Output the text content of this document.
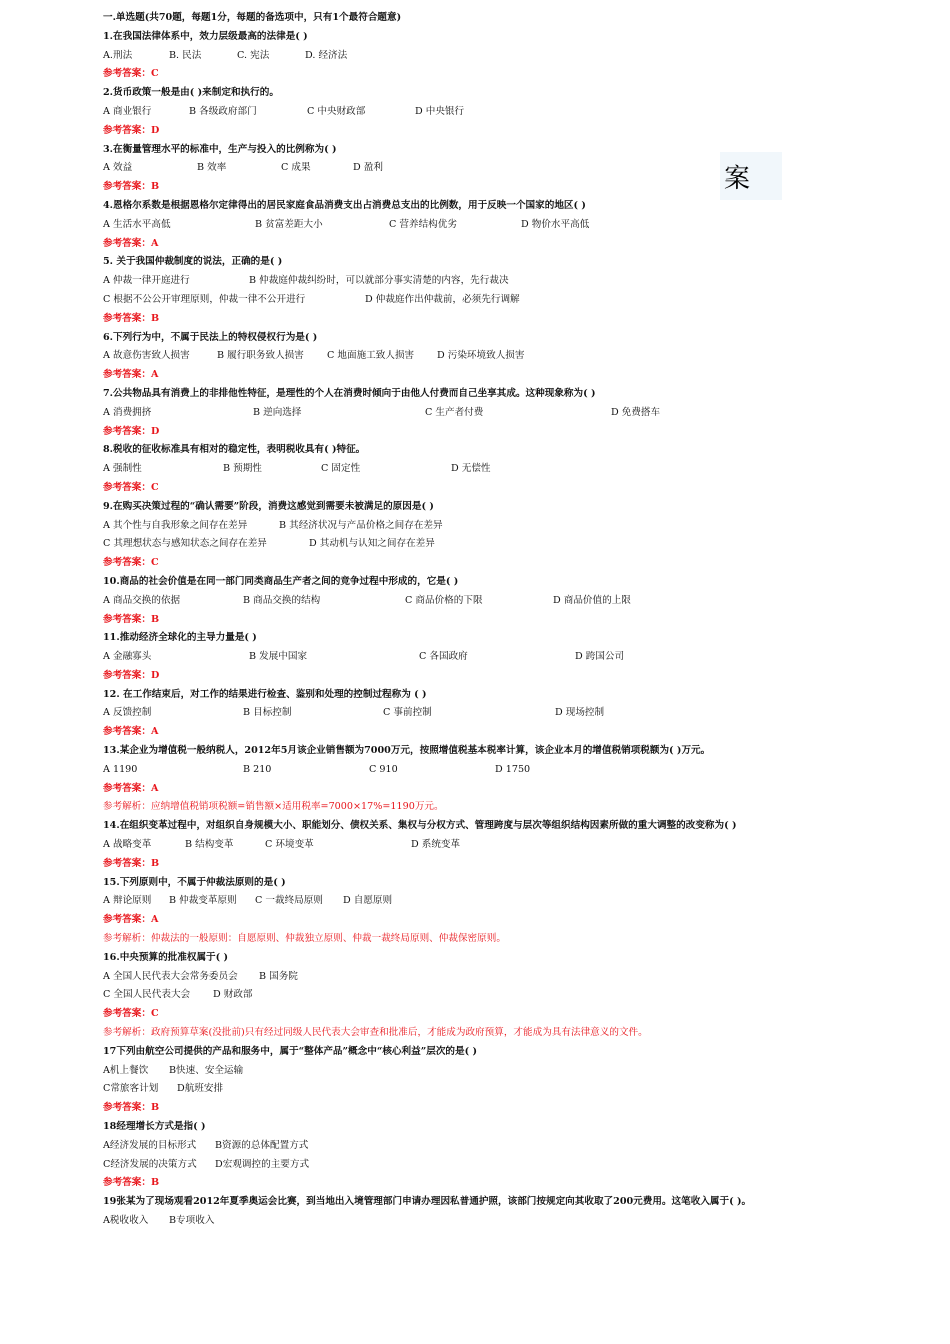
一.单选题(共70题，每题1分，每题的备选项中，只有1个最符合题意)
1.在我国法律体系中，效力层级最高的法律是( )
A.刑法	B. 民法	C. 宪法	D. 经济法
参考答案：C
2.货币政策一般是由( )来制定和执行的。
A 商业银行	B 各级政府部门	C 中央财政部	D 中央银行
参考答案：D
3.在衡量管理水平的标准中，生产与投入的比例称为( )
A 效益	B 效率	C 成果	D 盈利
参考答案：B
4.恩格尔系数是根据恩格尔定律得出的居民家庭食品消费支出占消费总支出的比例数，用于反映一个国家的地区( )
A 生活水平高低	B 贫富差距大小	C 营养结构优劣	D 物价水平高低
参考答案：A
5. 关于我国仲裁制度的说法，正确的是( )
A 仲裁一律开庭进行	B 仲裁庭仲裁纠纷时，可以就部分事实清楚的内容，先行裁决
C 根据不公公开审理原则，仲裁一律不公开进行	D 仲裁庭作出仲裁前，必须先行调解
参考答案：B
6.下列行为中，不属于民法上的特权侵权行为是( )
A 故意伤害致人损害	B 履行职务致人损害	C 地面施工致人损害	D 污染环境致人损害
参考答案：A
7.公共物品具有消费上的非排他性特征，是理性的个人在消费时倾向于由他人付费而自己坐享其成。这种现象称为( )
A 消费拥挤	B 逆向选择	C 生产者付费	D 免费搭车
参考答案：D
8.税收的征收标准具有相对的稳定性，表明税收具有( )特征。
A 强制性	B 预期性	C 固定性	D 无偿性
参考答案：C
9.在购买决策过程的“确认需要”阶段，消费这感觉到需要未被满足的原因是( )
A 其个性与自我形象之间存在差异	B 其经济状况与产品价格之间存在差异
C 其理想状态与感知状态之间存在差异	D 其动机与认知之间存在差异
参考答案：C
10.商品的社会价值是在同一部门同类商品生产者之间的竞争过程中形成的，它是( )
A 商品交换的依据	B 商品交换的结构	C 商品价格的下限	D 商品价值的上限
参考答案：B
11.推动经济全球化的主导力量是( )
A 金融寡头	B 发展中国家	C 各国政府	D 跨国公司
参考答案：D
12. 在工作结束后，对工作的结果进行检查、鉴别和处理的控制过程称为 ( )
A 反馈控制	B 目标控制	C 事前控制	D 现场控制
参考答案：A
13.某企业为增值税一般纳税人，2012年5月该企业销售额为7000万元，按照增值税基本税率计算，该企业本月的增值税销项税额为( )万元。
A 1190	B 210	C 910	D 1750
参考答案：A
参考解析：应纳增值税销项税额=销售额×适用税率=7000×17%=1190万元。
14.在组织变革过程中，对组织自身规模大小、职能划分、债权关系、集权与分权方式、管理跨度与层次等组织结构因素所做的重大调整的改变称为( )
A 战略变革	B 结构变革	C 环境变革	D 系统变革
参考答案：B
15.下列原则中，不属于仲裁法原则的是( )
A 辩论原则	B 仲裁变革原则	C 一裁终局原则	D 自愿原则
参考答案：A
参考解析：仲裁法的一般原则：自愿原则、仲裁独立原则、仲裁一裁终局原则、仲裁保密原则。
16.中央预算的批准权属于( )
A 全国人民代表大会常务委员会	B 国务院
C 全国人民代表大会	D 财政部
参考答案：C
参考解析：政府预算草案(没批前)只有经过同级人民代表大会审查和批准后，才能成为政府预算，才能成为具有法律意义的文件。
17下列由航空公司提供的产品和服务中，属于“整体产品”概念中“核心利益”层次的是( )
A机上餐饮	B快速、安全运输
C常旅客计划	D航班安排
参考答案：B
18经理增长方式是指( )
A经济发展的目标形式	B资源的总体配置方式
C经济发展的决策方式	D宏观调控的主要方式
参考答案：B
19张某为了现场观看2012年夏季奥运会比赛，到当地出入境管理部门申请办理因私普通护照，该部门按规定向其收取了200元费用。这笔收入属于( )。
A税收收入	B专项收入
案
